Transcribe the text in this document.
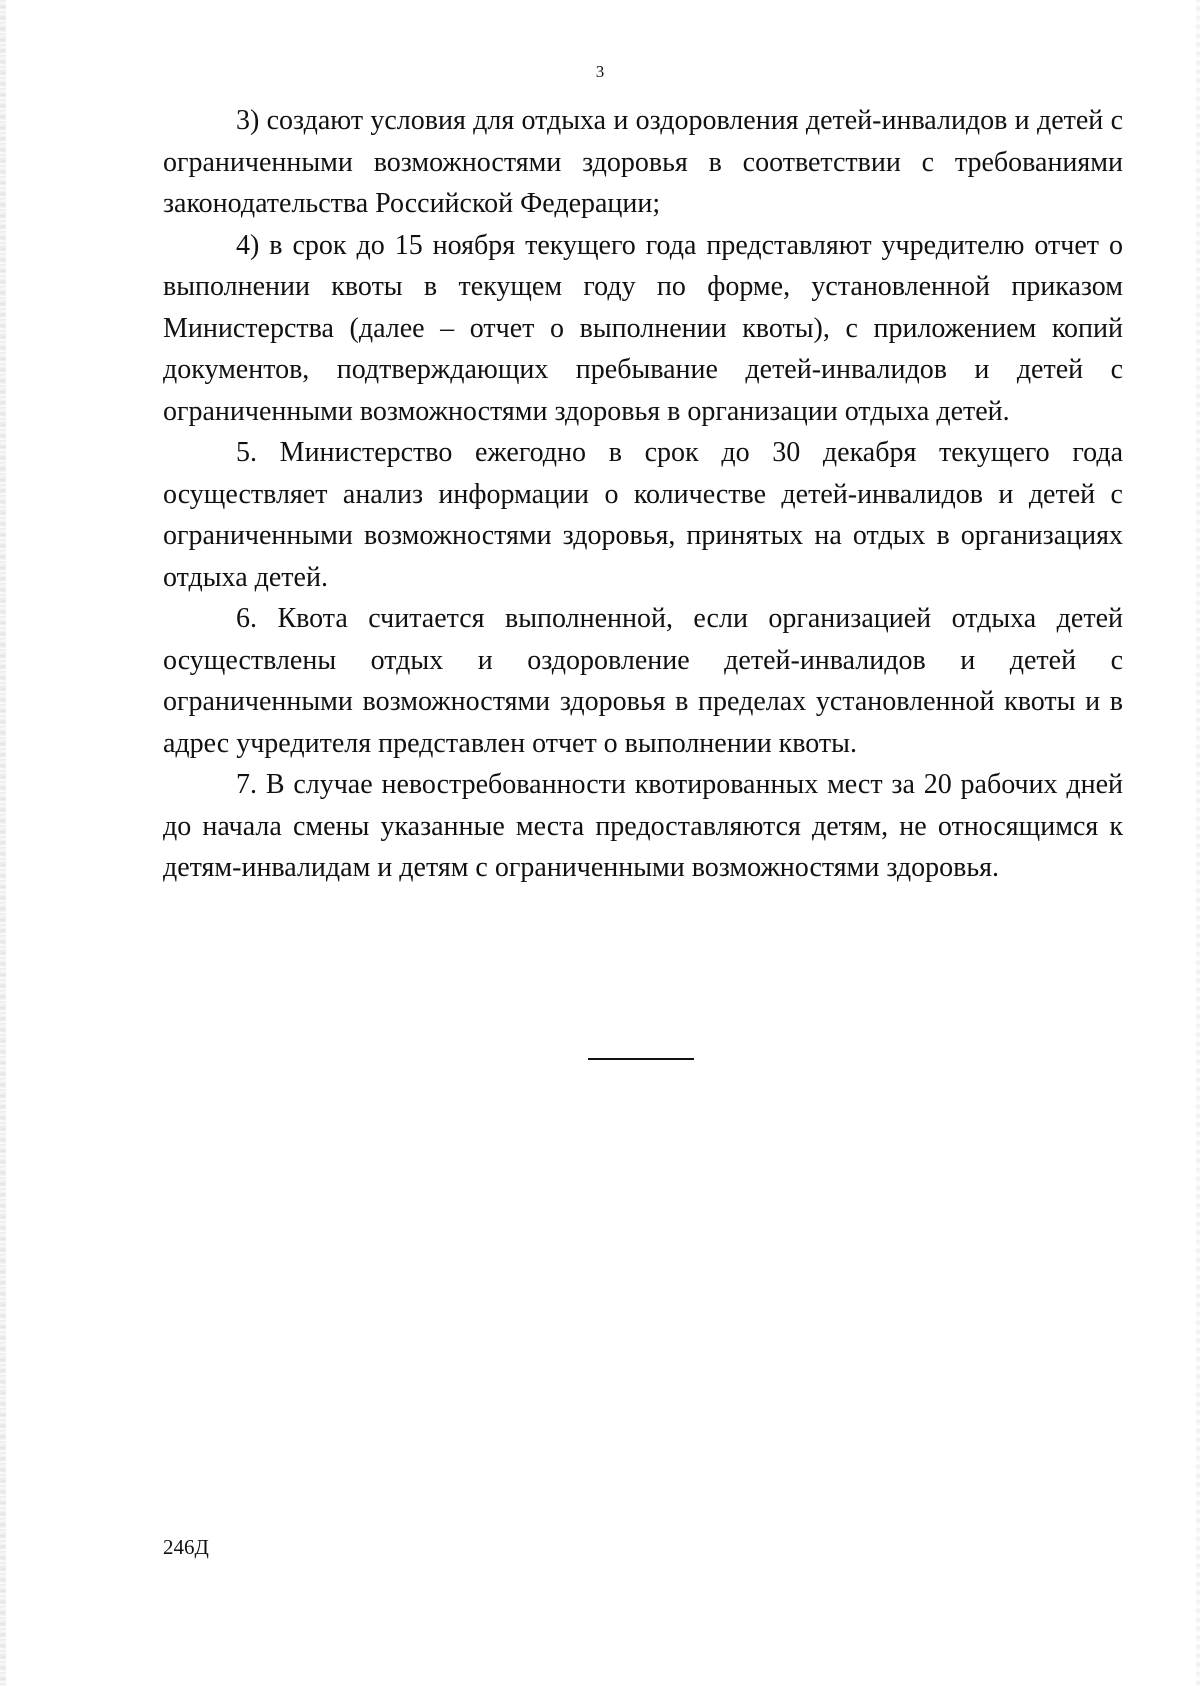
3

3) создают условия для отдыха и оздоровления детей-инвалидов и детей с ограниченными возможностями здоровья в соответствии с требованиями законодательства Российской Федерации;

4) в срок до 15 ноября текущего года представляют учредителю отчет о выполнении квоты в текущем году по форме, установленной приказом Министерства (далее – отчет о выполнении квоты), с приложением копий документов, подтверждающих пребывание детей-инвалидов и детей с ограниченными возможностями здоровья в организации отдыха детей.

5. Министерство ежегодно в срок до 30 декабря текущего года осуществляет анализ информации о количестве детей-инвалидов и детей с ограниченными возможностями здоровья, принятых на отдых в организациях отдыха детей.

6. Квота считается выполненной, если организацией отдыха детей осуществлены отдых и оздоровление детей-инвалидов и детей с ограниченными возможностями здоровья в пределах установленной квоты и в адрес учредителя представлен отчет о выполнении квоты.

7. В случае невостребованности квотированных мест за 20 рабочих дней до начала смены указанные места предоставляются детям, не относящимся к детям-инвалидам и детям с ограниченными возможностями здоровья.

246Д
